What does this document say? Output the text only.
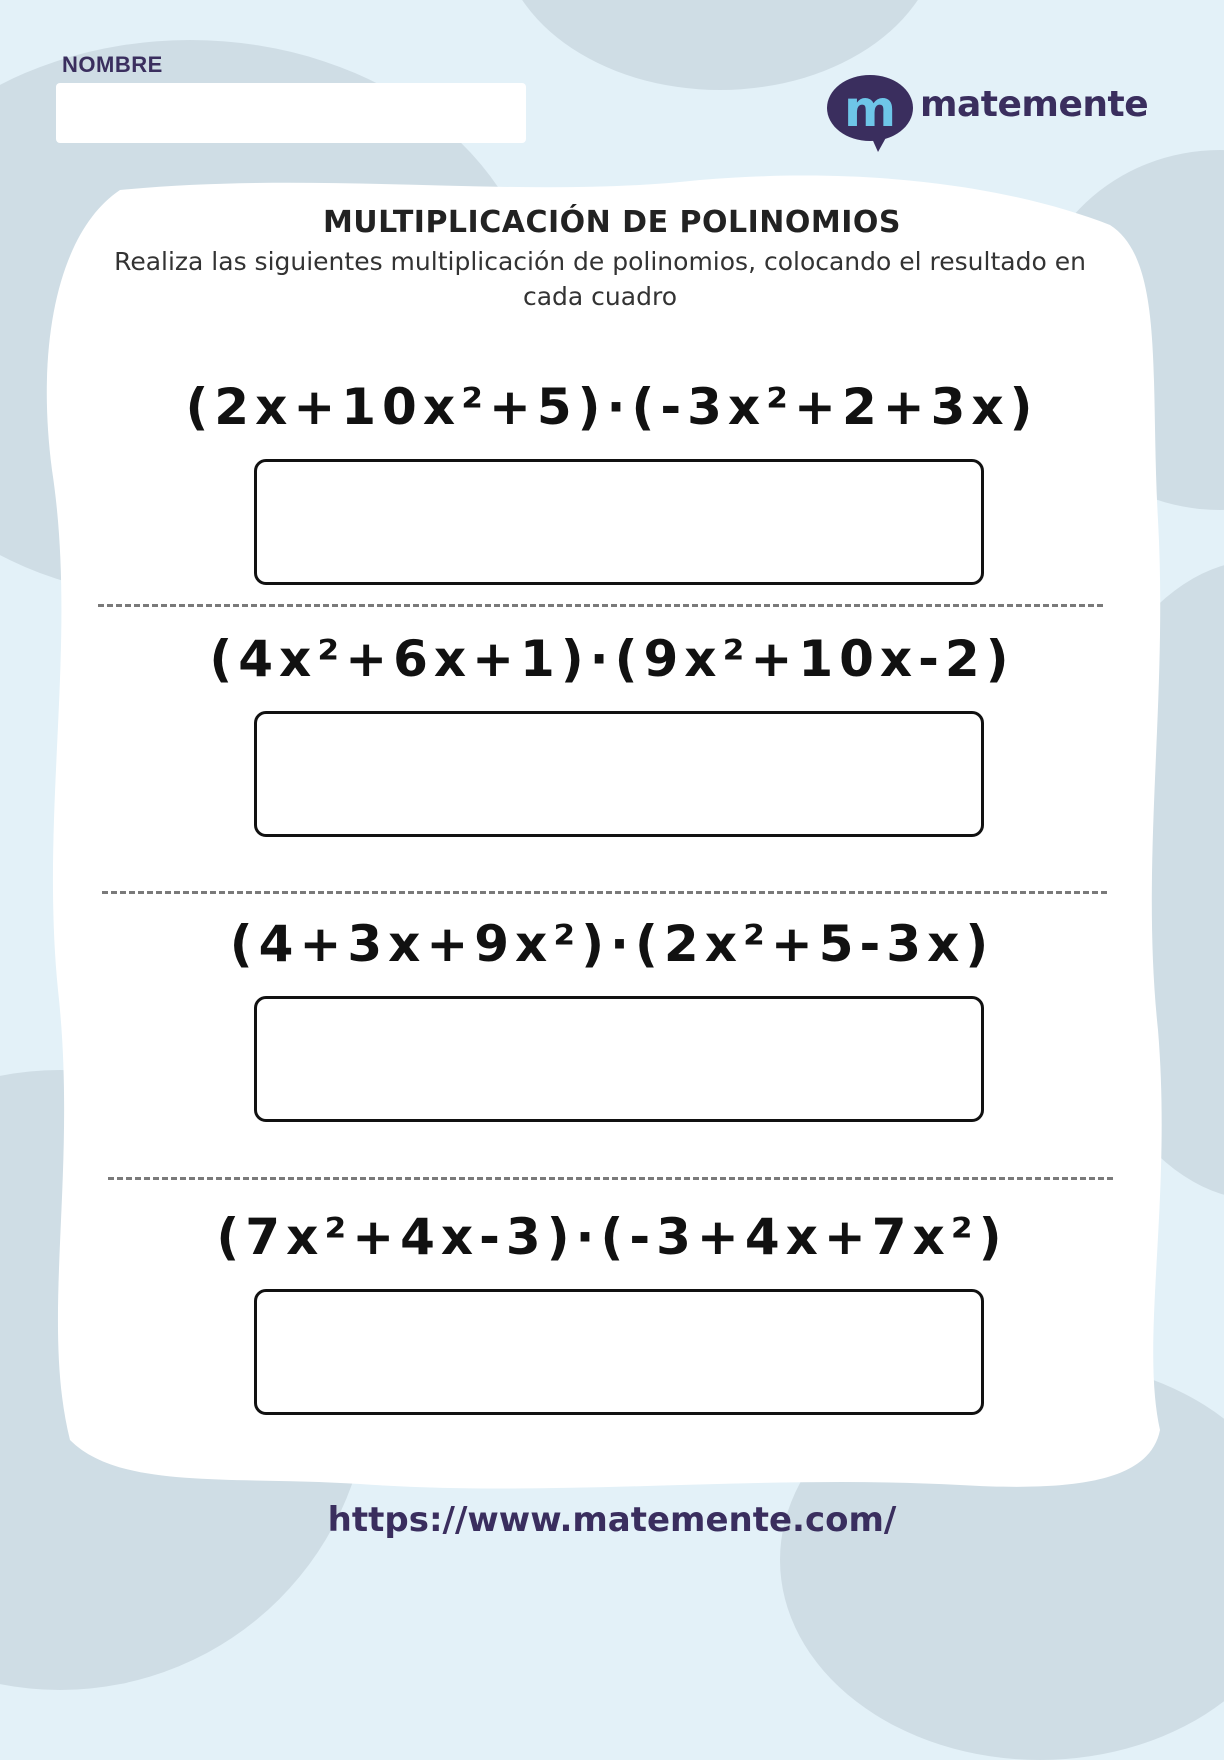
NOMBRE
m matemente
MULTIPLICACIÓN DE POLINOMIOS
Realiza las siguientes multiplicación de polinomios, colocando el resultado en cada cuadro
(2x+10x²+5)·(-3x²+2+3x)
(4x²+6x+1)·(9x²+10x-2)
(4+3x+9x²)·(2x²+5-3x)
(7x²+4x-3)·(-3+4x+7x²)
https://www.matemente.com/
